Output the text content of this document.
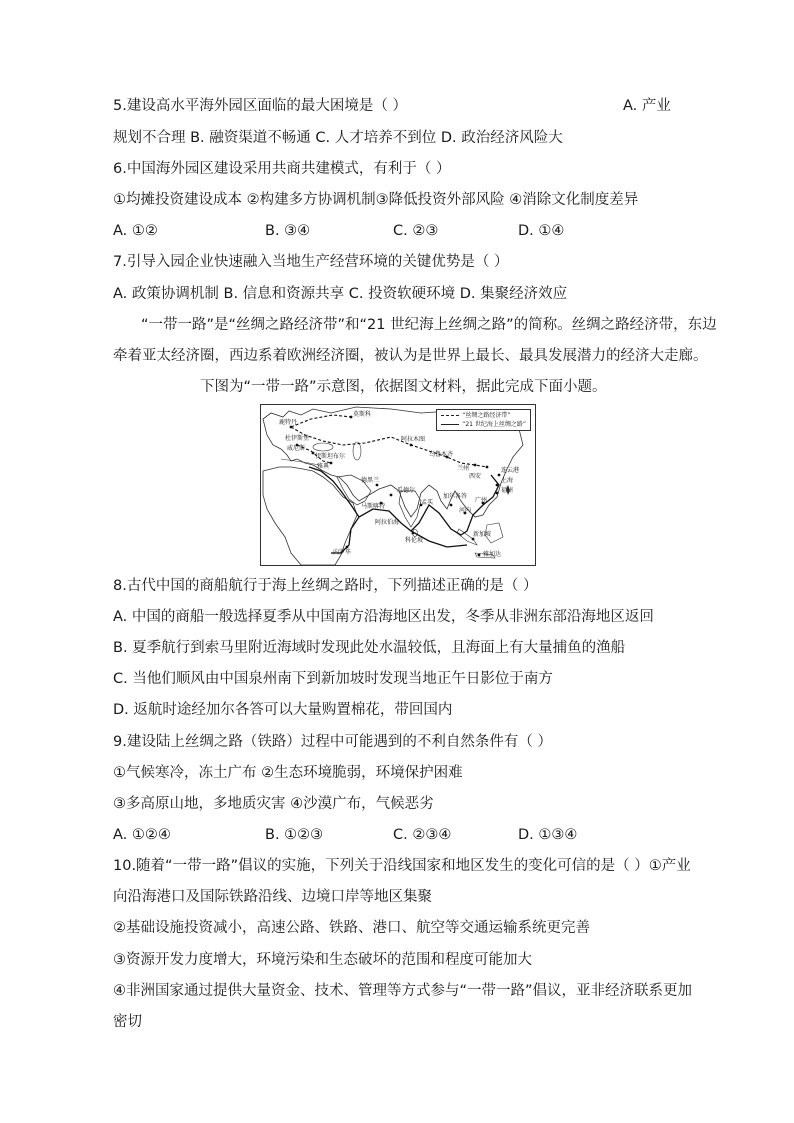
5.建设高水平海外园区面临的最大困境是（ ）	A. 产业
规划不合理 B. 融资渠道不畅通 C. 人才培养不到位 D. 政治经济风险大
6.中国海外园区建设采用共商共建模式，有利于（ ）
①均摊投资建设成本 ②构建多方协调机制③降低投资外部风险 ④消除文化制度差异
A. ①②	B. ③④	C. ②③	D. ①④
7.引导入园企业快速融入当地生产经营环境的关键优势是（ ）
A. 政策协调机制 B. 信息和资源共享 C. 投资软硬环境 D. 集聚经济效应
“一带一路”是“丝绸之路经济带”和“21 世纪海上丝绸之路”的简称。丝绸之路经济带，东边
牵着亚太经济圈，西边系着欧洲经济圈，被认为是世界上最长、最具发展潜力的经济大走廊。
下图为“一带一路”示意图，依据图文材料，据此完成下面小题。
“丝绸之路经济带”
“21 世纪海上丝绸之路”
鹿特丹
莫斯科
杜伊斯堡
威尼斯
伊斯坦布尔
雅典
阿拉木图
乌鲁木齐
兰州
西安
连云港
上海
福州
广州
德黑兰
瓜德尔
马斯喀特
孟买
加尔各答
河内
阿拉伯海
科伦坡
新加坡
雅加达
内罗毕
8.古代中国的商船航行于海上丝绸之路时，下列描述正确的是（ ）
A. 中国的商船一般选择夏季从中国南方沿海地区出发，冬季从非洲东部沿海地区返回
B. 夏季航行到索马里附近海域时发现此处水温较低，且海面上有大量捕鱼的渔船
C. 当他们顺风由中国泉州南下到新加坡时发现当地正午日影位于南方
D. 返航时途经加尔各答可以大量购置棉花，带回国内
9.建设陆上丝绸之路（铁路）过程中可能遇到的不利自然条件有（ ）
①气候寒冷，冻土广布 ②生态环境脆弱，环境保护困难
③多高原山地，多地质灾害 ④沙漠广布，气候恶劣
A. ①②④	B. ①②③	C. ②③④	D. ①③④
10.随着“一带一路”倡议的实施，下列关于沿线国家和地区发生的变化可信的是（ ）①产业
向沿海港口及国际铁路沿线、边境口岸等地区集聚
②基础设施投资减小，高速公路、铁路、港口、航空等交通运输系统更完善
③资源开发力度增大，环境污染和生态破坏的范围和程度可能加大
④非洲国家通过提供大量资金、技术、管理等方式参与“一带一路”倡议，亚非经济联系更加
密切
